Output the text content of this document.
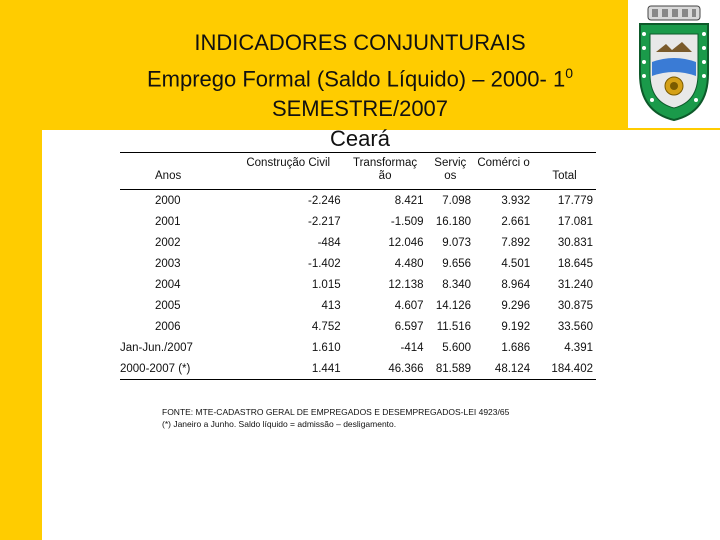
INDICADORES CONJUNTURAIS
Emprego Formal (Saldo Líquido) – 2000- $1^0$
SEMESTRE/2007
Ceará
Anos	Construção Civil	Transformaç ão	Serviç os	Comérci o	Total
2000	-2.246	8.421	7.098	3.932	17.779
2001	-2.217	-1.509	16.180	2.661	17.081
2002	-484	12.046	9.073	7.892	30.831
2003	-1.402	4.480	9.656	4.501	18.645
2004	1.015	12.138	8.340	8.964	31.240
2005	413	4.607	14.126	9.296	30.875
2006	4.752	6.597	11.516	9.192	33.560
Jan-Jun./2007	1.610	-414	5.600	1.686	4.391
2000-2007 (*)	1.441	46.366	81.589	48.124	184.402
FONTE: MTE-CADASTRO GERAL DE EMPREGADOS E DESEMPREGADOS-LEI 4923/65
(*) Janeiro a Junho. Saldo líquido = admissão – desligamento.
